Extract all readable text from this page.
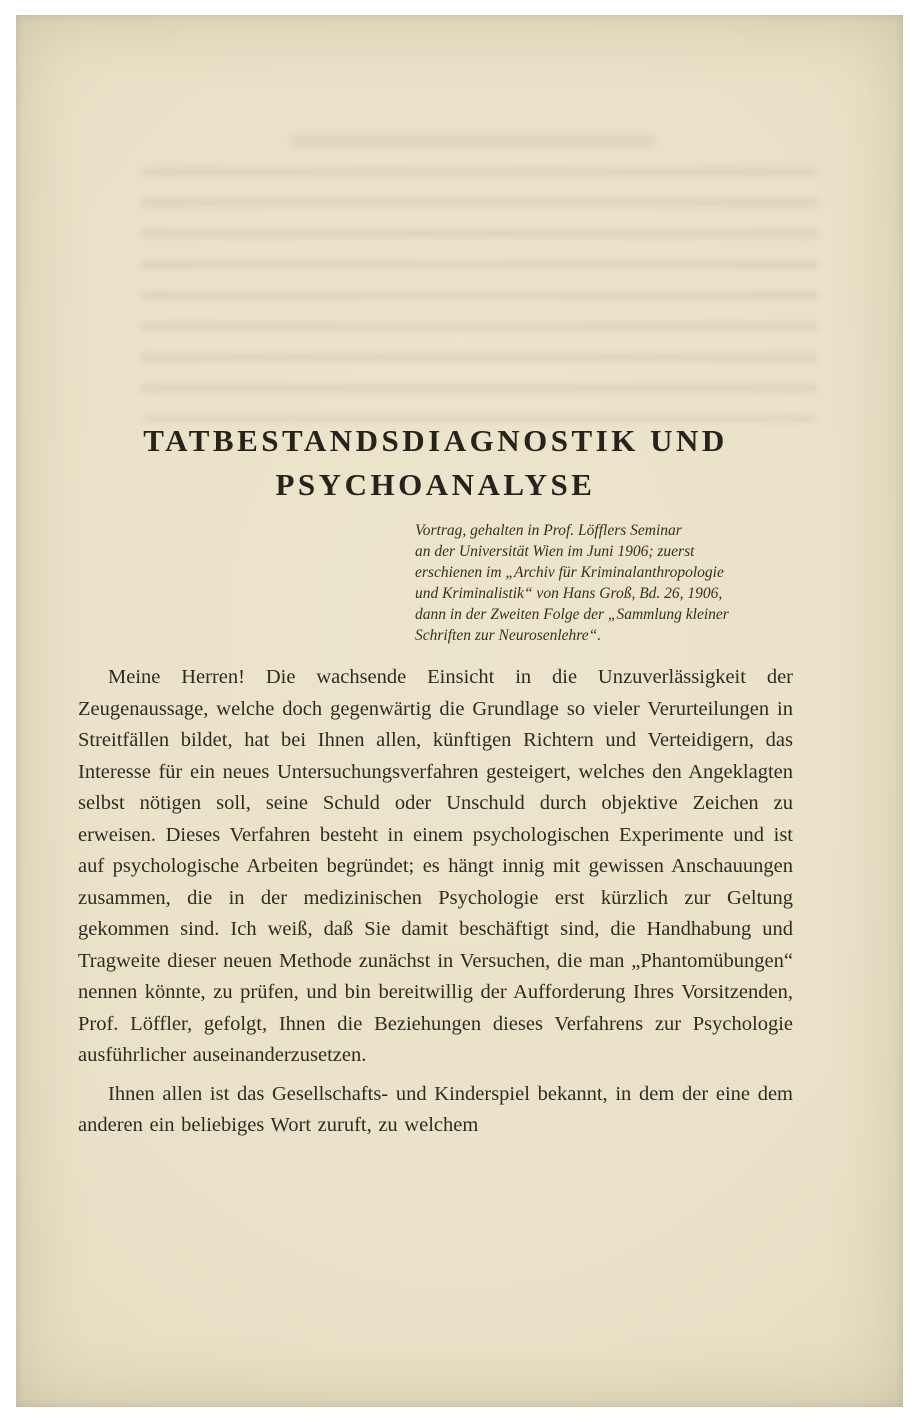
TATBESTANDSDIAGNOSTIK UND
PSYCHOANALYSE
Vortrag, gehalten in Prof. Löfflers Seminar
an der Universität Wien im Juni 1906; zuerst
erschienen im „Archiv für Kriminalanthropologie
und Kriminalistik“ von Hans Groß, Bd. 26, 1906,
dann in der Zweiten Folge der „Sammlung kleiner
Schriften zur Neurosenlehre“.

Meine Herren! Die wachsende Einsicht in die Unzuverlässigkeit der Zeugenaussage, welche doch gegenwärtig die Grundlage so vieler Verurteilungen in Streitfällen bildet, hat bei Ihnen allen, künftigen Richtern und Verteidigern, das Interesse für ein neues Untersuchungsverfahren gesteigert, welches den Angeklagten selbst nötigen soll, seine Schuld oder Unschuld durch objektive Zeichen zu erweisen. Dieses Verfahren besteht in einem psychologischen Experimente und ist auf psychologische Arbeiten begründet; es hängt innig mit gewissen Anschauungen zusammen, die in der medizinischen Psychologie erst kürzlich zur Geltung gekommen sind. Ich weiß, daß Sie damit beschäftigt sind, die Handhabung und Tragweite dieser neuen Methode zunächst in Versuchen, die man „Phantomübungen“ nennen könnte, zu prüfen, und bin bereitwillig der Aufforderung Ihres Vorsitzenden, Prof. Löffler, gefolgt, Ihnen die Beziehungen dieses Verfahrens zur Psychologie ausführlicher auseinanderzusetzen.

Ihnen allen ist das Gesellschafts- und Kinderspiel bekannt, in dem der eine dem anderen ein beliebiges Wort zuruft, zu welchem
